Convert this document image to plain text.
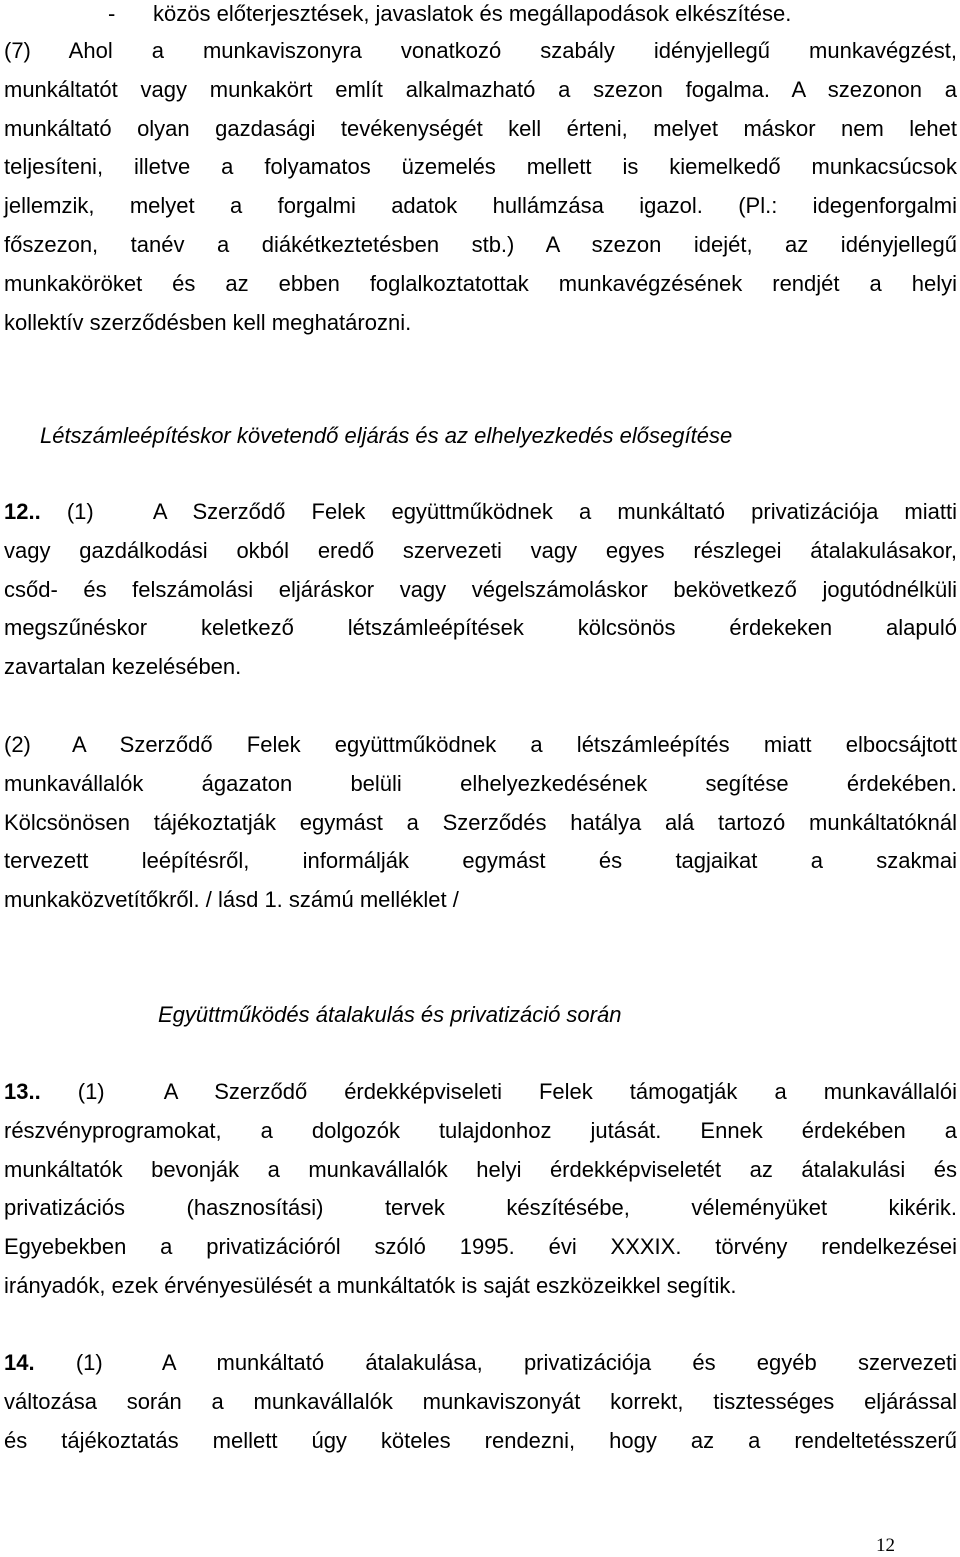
- közös előterjesztések, javaslatok és megállapodások elkészítése.
(7) Ahol a munkaviszonyra vonatkozó szabály idényjellegű munkavégzést,
munkáltatót vagy munkakört említ alkalmazható a szezon fogalma. A szezonon a
munkáltató olyan gazdasági tevékenységét kell érteni, melyet máskor nem lehet
teljesíteni, illetve a folyamatos üzemelés mellett is kiemelkedő munkacsúcsok
jellemzik, melyet a forgalmi adatok hullámzása igazol. (Pl.: idegenforgalmi
főszezon, tanév a diákétkeztetésben stb.) A szezon idejét, az idényjellegű
munkaköröket és az ebben foglalkoztatottak munkavégzésének rendjét a helyi
kollektív szerződésben kell meghatározni.

Létszámleépítéskor követendő eljárás és az elhelyezkedés elősegítése

12.. (1)	A Szerződő Felek együttműködnek a munkáltató privatizációja miatti
vagy gazdálkodási okból eredő szervezeti vagy egyes részlegei átalakulásakor,
csőd- és felszámolási eljáráskor vagy végelszámoláskor bekövetkező jogutódnélküli
megszűnéskor keletkező létszámleépítések kölcsönös érdekeken alapuló
zavartalan kezelésében.
(2) A Szerződő Felek együttműködnek a létszámleépítés miatt elbocsájtott
munkavállalók ágazaton belüli elhelyezkedésének segítése érdekében.
Kölcsönösen tájékoztatják egymást a Szerződés hatálya alá tartozó munkáltatóknál
tervezett leépítésről, informálják egymást és tagjaikat a szakmai
munkaközvetítőkről. / lásd 1. számú melléklet /

Együttműködés átalakulás és privatizáció során

13.. (1)	A Szerződő érdekképviseleti Felek támogatják a munkavállalói
részvényprogramokat, a dolgozók tulajdonhoz jutását. Ennek érdekében a
munkáltatók bevonják a munkavállalók helyi érdekképviseletét az átalakulási és
privatizációs (hasznosítási) tervek készítésébe, véleményüket kikérik.
Egyebekben a privatizációról szóló 1995. évi XXXIX. törvény rendelkezései
irányadók, ezek érvényesülését a munkáltatók is saját eszközeikkel segítik.
14. (1)	A munkáltató átalakulása, privatizációja és egyéb szervezeti
változása során a munkavállalók munkaviszonyát korrekt, tisztességes eljárással
és tájékoztatás mellett úgy köteles rendezni, hogy az a rendeltetésszerű
12
